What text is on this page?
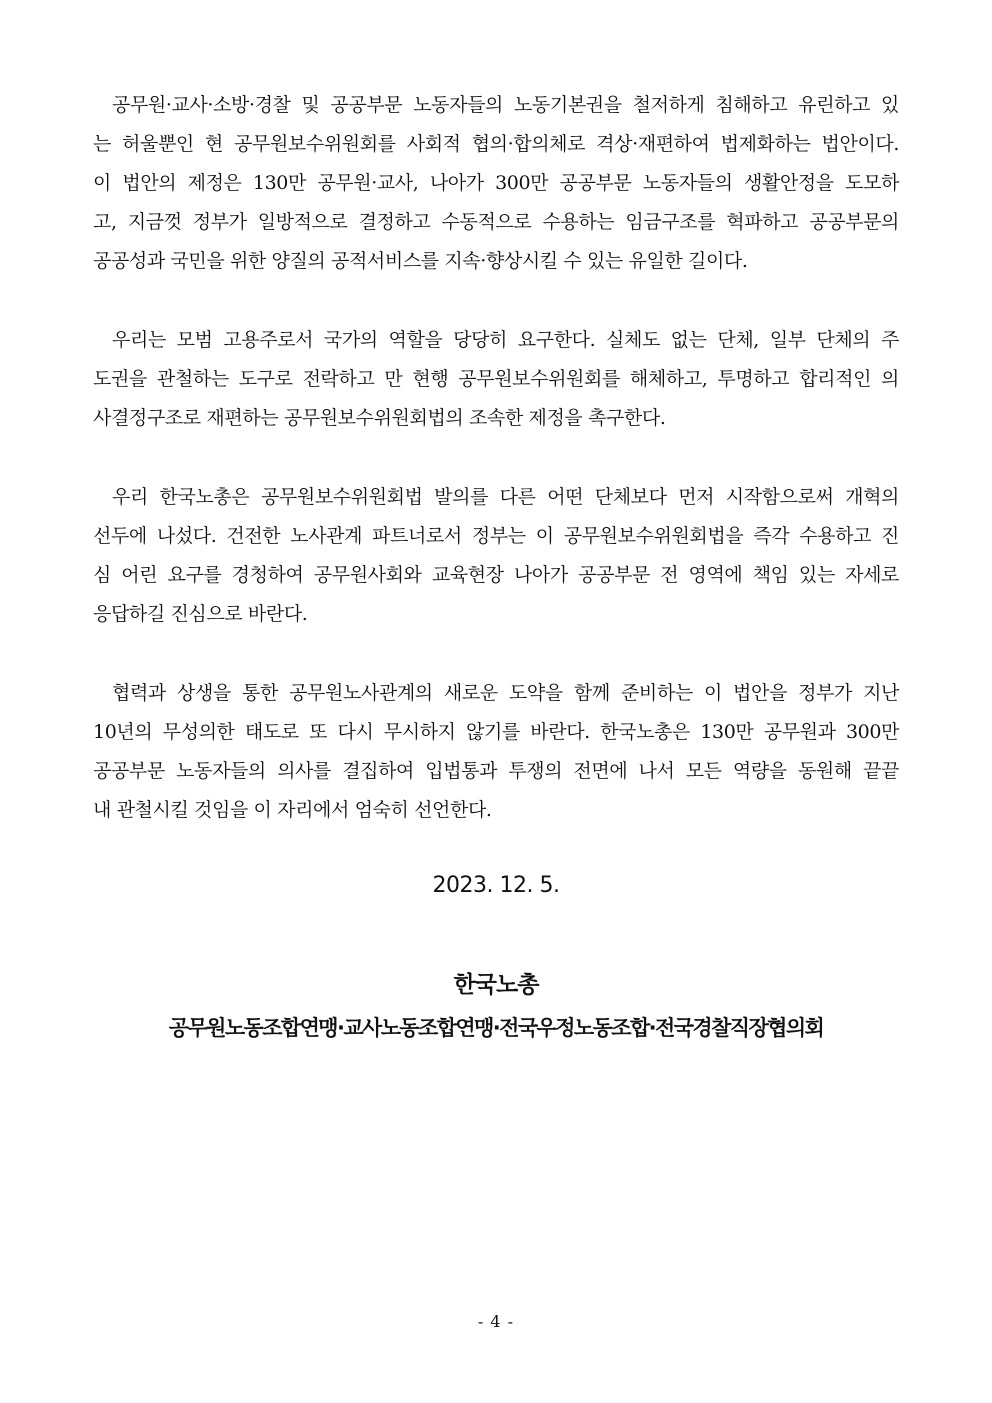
공무원·교사·소방·경찰 및 공공부문 노동자들의 노동기본권을 철저하게 침해하고 유린하고 있
는 허울뿐인 현 공무원보수위원회를 사회적 협의·합의체로 격상·재편하여 법제화하는 법안이다.
이 법안의 제정은 130만 공무원·교사, 나아가 300만 공공부문 노동자들의 생활안정을 도모하
고, 지금껏 정부가 일방적으로 결정하고 수동적으로 수용하는 임금구조를 혁파하고 공공부문의
공공성과 국민을 위한 양질의 공적서비스를 지속·향상시킬 수 있는 유일한 길이다.

우리는 모범 고용주로서 국가의 역할을 당당히 요구한다. 실체도 없는 단체, 일부 단체의 주
도권을 관철하는 도구로 전락하고 만 현행 공무원보수위원회를 해체하고, 투명하고 합리적인 의
사결정구조로 재편하는 공무원보수위원회법의 조속한 제정을 촉구한다.

우리 한국노총은 공무원보수위원회법 발의를 다른 어떤 단체보다 먼저 시작함으로써 개혁의
선두에 나섰다. 건전한 노사관계 파트너로서 정부는 이 공무원보수위원회법을 즉각 수용하고 진
심 어린 요구를 경청하여 공무원사회와 교육현장 나아가 공공부문 전 영역에 책임 있는 자세로
응답하길 진심으로 바란다.

협력과 상생을 통한 공무원노사관계의 새로운 도약을 함께 준비하는 이 법안을 정부가 지난
10년의 무성의한 태도로 또 다시 무시하지 않기를 바란다. 한국노총은 130만 공무원과 300만
공공부문 노동자들의 의사를 결집하여 입법통과 투쟁의 전면에 나서 모든 역량을 동원해 끝끝
내 관철시킬 것임을 이 자리에서 엄숙히 선언한다.

2023. 12. 5.
한국노총
공무원노동조합연맹·교사노동조합연맹·전국우정노동조합·전국경찰직장협의회
- 4 -
